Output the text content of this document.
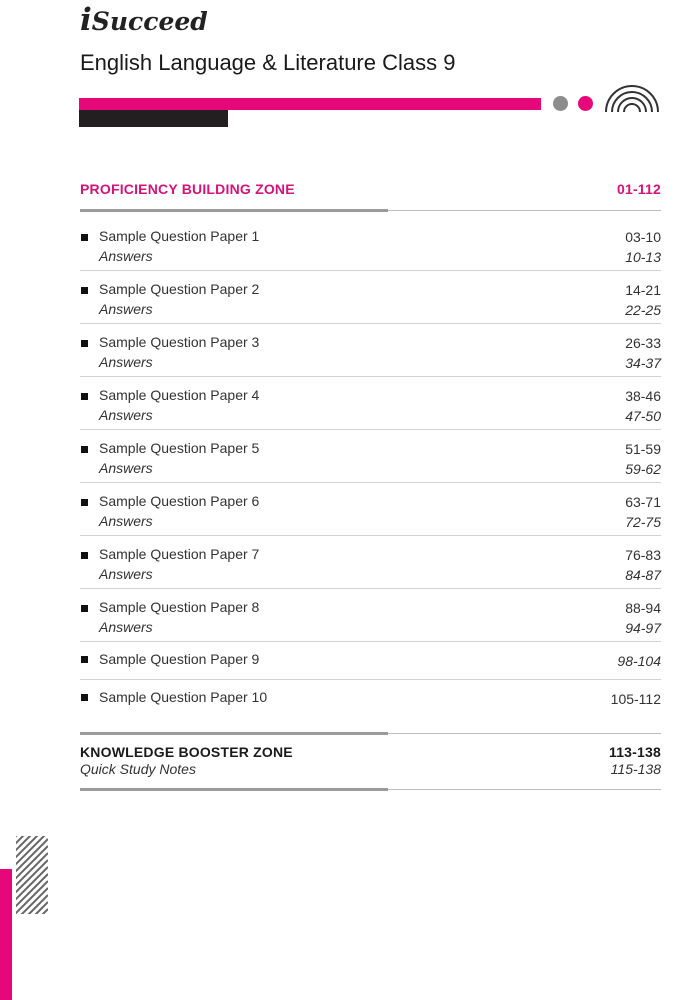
iSucceed
English Language & Literature Class 9
PROFICIENCY BUILDING ZONE	01-112
Sample Question Paper 1	03-10
Answers	10-13
Sample Question Paper 2	14-21
Answers	22-25
Sample Question Paper 3	26-33
Answers	34-37
Sample Question Paper 4	38-46
Answers	47-50
Sample Question Paper 5	51-59
Answers	59-62
Sample Question Paper 6	63-71
Answers	72-75
Sample Question Paper 7	76-83
Answers	84-87
Sample Question Paper 8	88-94
Answers	94-97
Sample Question Paper 9	98-104
Sample Question Paper 10	105-112
KNOWLEDGE BOOSTER ZONE	113-138
Quick Study Notes	115-138
